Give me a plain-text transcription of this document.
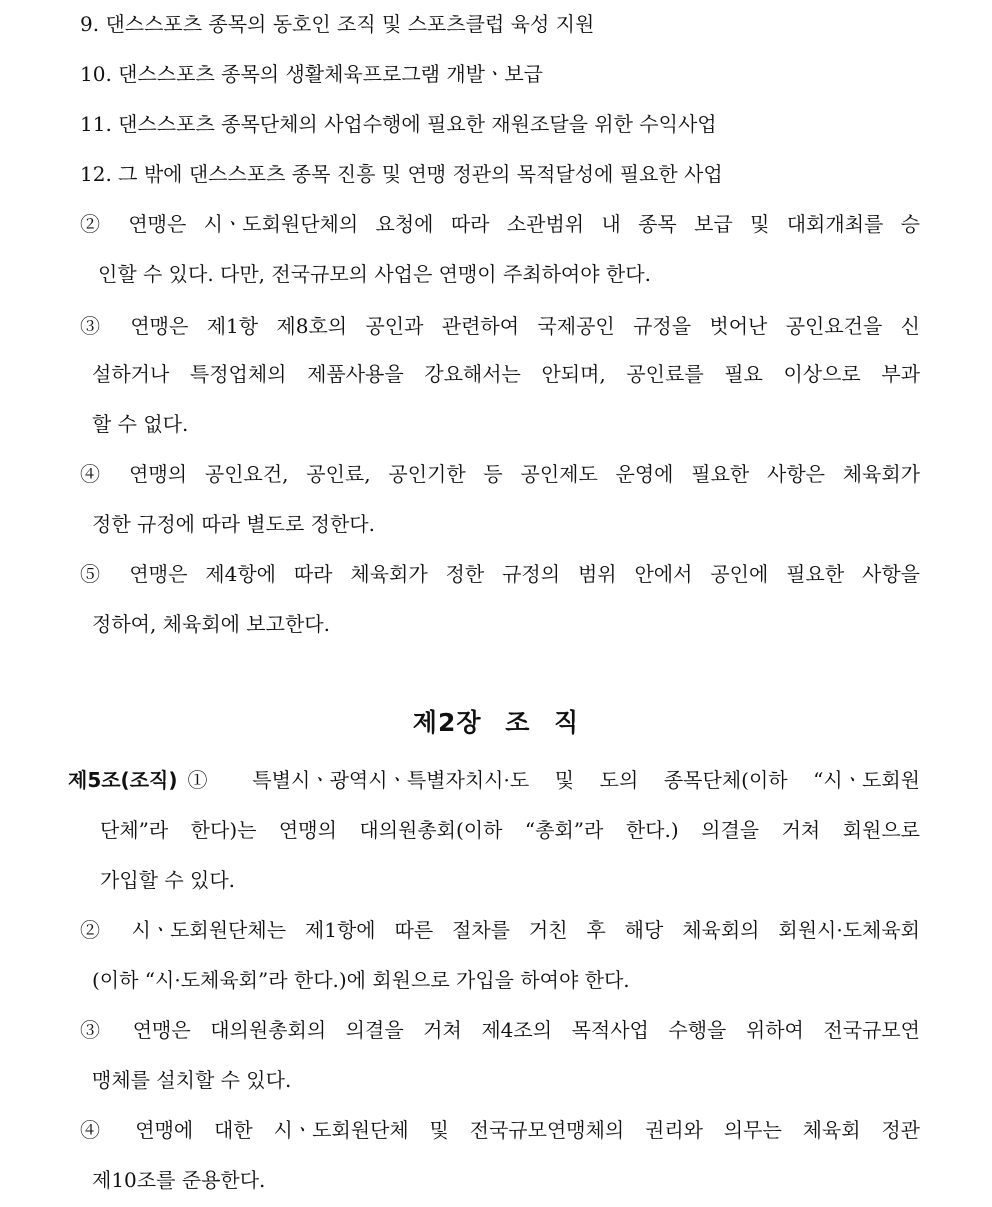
9. 댄스스포츠 종목의 동호인 조직 및 스포츠클럽 육성 지원
10. 댄스스포츠 종목의 생활체육프로그램 개발ㆍ보급
11. 댄스스포츠 종목단체의 사업수행에 필요한 재원조달을 위한 수익사업
12. 그 밖에 댄스스포츠 종목 진흥 및 연맹 정관의 목적달성에 필요한 사업
② 연맹은 시ㆍ도회원단체의 요청에 따라 소관범위 내 종목 보급 및 대회개최를 승
인할 수 있다. 다만, 전국규모의 사업은 연맹이 주최하여야 한다.
③ 연맹은 제1항 제8호의 공인과 관련하여 국제공인 규정을 벗어난 공인요건을 신
설하거나 특정업체의 제품사용을 강요해서는 안되며, 공인료를 필요 이상으로 부과
할 수 없다.
④ 연맹의 공인요건, 공인료, 공인기한 등 공인제도 운영에 필요한 사항은 체육회가
정한 규정에 따라 별도로 정한다.
⑤ 연맹은 제4항에 따라 체육회가 정한 규정의 범위 안에서 공인에 필요한 사항을
정하여, 체육회에 보고한다.
제2장 조 직
제5조(조직) ① 특별시ㆍ광역시ㆍ특별자치시·도 및 도의 종목단체(이하 “시ㆍ도회원
단체”라 한다)는 연맹의 대의원총회(이하 “총회”라 한다.) 의결을 거쳐 회원으로
가입할 수 있다.
② 시ㆍ도회원단체는 제1항에 따른 절차를 거친 후 해당 체육회의 회원시·도체육회
(이하 “시·도체육회”라 한다.)에 회원으로 가입을 하여야 한다.
③ 연맹은 대의원총회의 의결을 거쳐 제4조의 목적사업 수행을 위하여 전국규모연
맹체를 설치할 수 있다.
④ 연맹에 대한 시ㆍ도회원단체 및 전국규모연맹체의 권리와 의무는 체육회 정관
제10조를 준용한다.
